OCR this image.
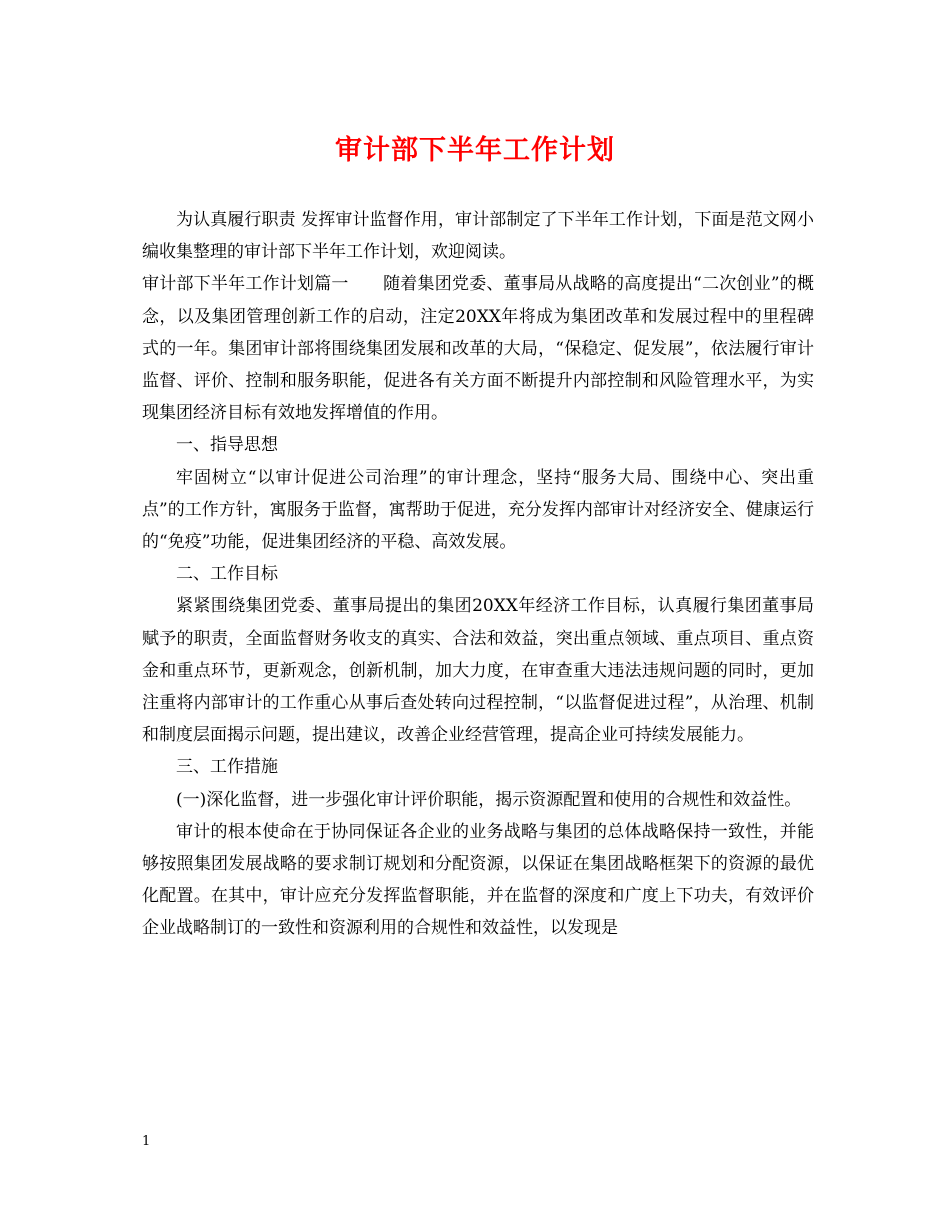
审计部下半年工作计划

为认真履行职责 发挥审计监督作用，审计部制定了下半年工作计划，下面是范文网小编收集整理的审计部下半年工作计划，欢迎阅读。

审计部下半年工作计划篇一　　随着集团党委、董事局从战略的高度提出“二次创业”的概念，以及集团管理创新工作的启动，注定20XX年将成为集团改革和发展过程中的里程碑式的一年。集团审计部将围绕集团发展和改革的大局，“保稳定、促发展”，依法履行审计监督、评价、控制和服务职能，促进各有关方面不断提升内部控制和风险管理水平，为实现集团经济目标有效地发挥增值的作用。

一、指导思想

牢固树立“以审计促进公司治理”的审计理念，坚持“服务大局、围绕中心、突出重点”的工作方针，寓服务于监督，寓帮助于促进，充分发挥内部审计对经济安全、健康运行的“免疫”功能，促进集团经济的平稳、高效发展。

二、工作目标

紧紧围绕集团党委、董事局提出的集团20XX年经济工作目标，认真履行集团董事局赋予的职责，全面监督财务收支的真实、合法和效益，突出重点领域、重点项目、重点资金和重点环节，更新观念，创新机制，加大力度，在审查重大违法违规问题的同时，更加注重将内部审计的工作重心从事后查处转向过程控制，“以监督促进过程”，从治理、机制和制度层面揭示问题，提出建议，改善企业经营管理，提高企业可持续发展能力。

三、工作措施

(一)深化监督，进一步强化审计评价职能，揭示资源配置和使用的合规性和效益性。

审计的根本使命在于协同保证各企业的业务战略与集团的总体战略保持一致性，并能够按照集团发展战略的要求制订规划和分配资源，以保证在集团战略框架下的资源的最优化配置。在其中，审计应充分发挥监督职能，并在监督的深度和广度上下功夫，有效评价企业战略制订的一致性和资源利用的合规性和效益性，以发现是

1
